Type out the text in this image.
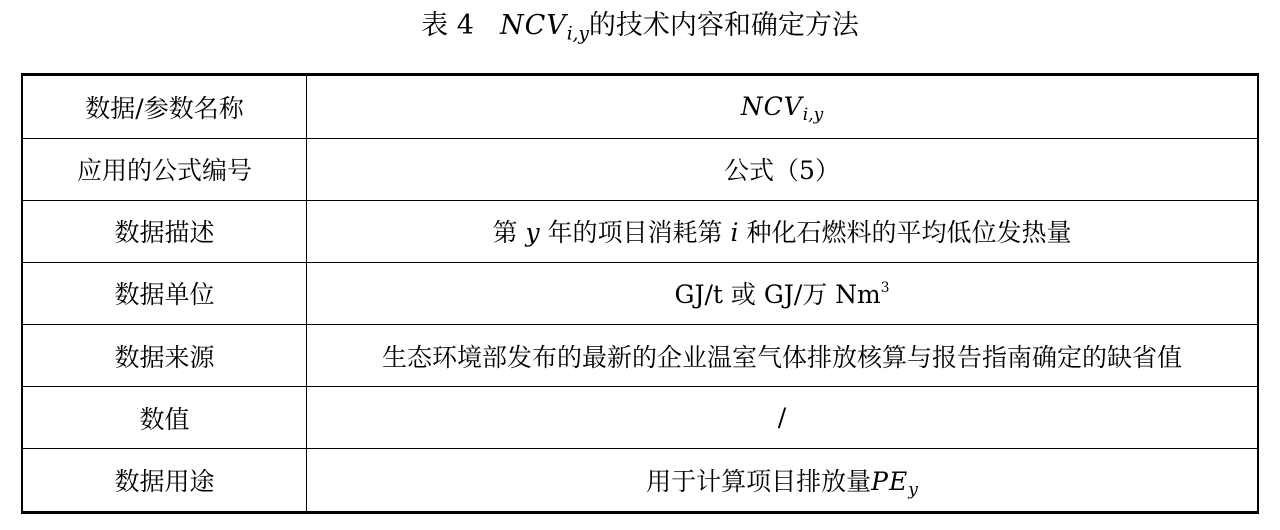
表 4 $NCV_{i,y}$的技术内容和确定方法
数据/参数名称	$NCV_{i,y}$
应用的公式编号	公式（5）
数据描述	第 y 年的项目消耗第 i 种化石燃料的平均低位发热量
数据单位	GJ/t 或 GJ/万 Nm$^3$
数据来源	生态环境部发布的最新的企业温室气体排放核算与报告指南确定的缺省值
数值	/
数据用途	用于计算项目排放量$PE_y$
